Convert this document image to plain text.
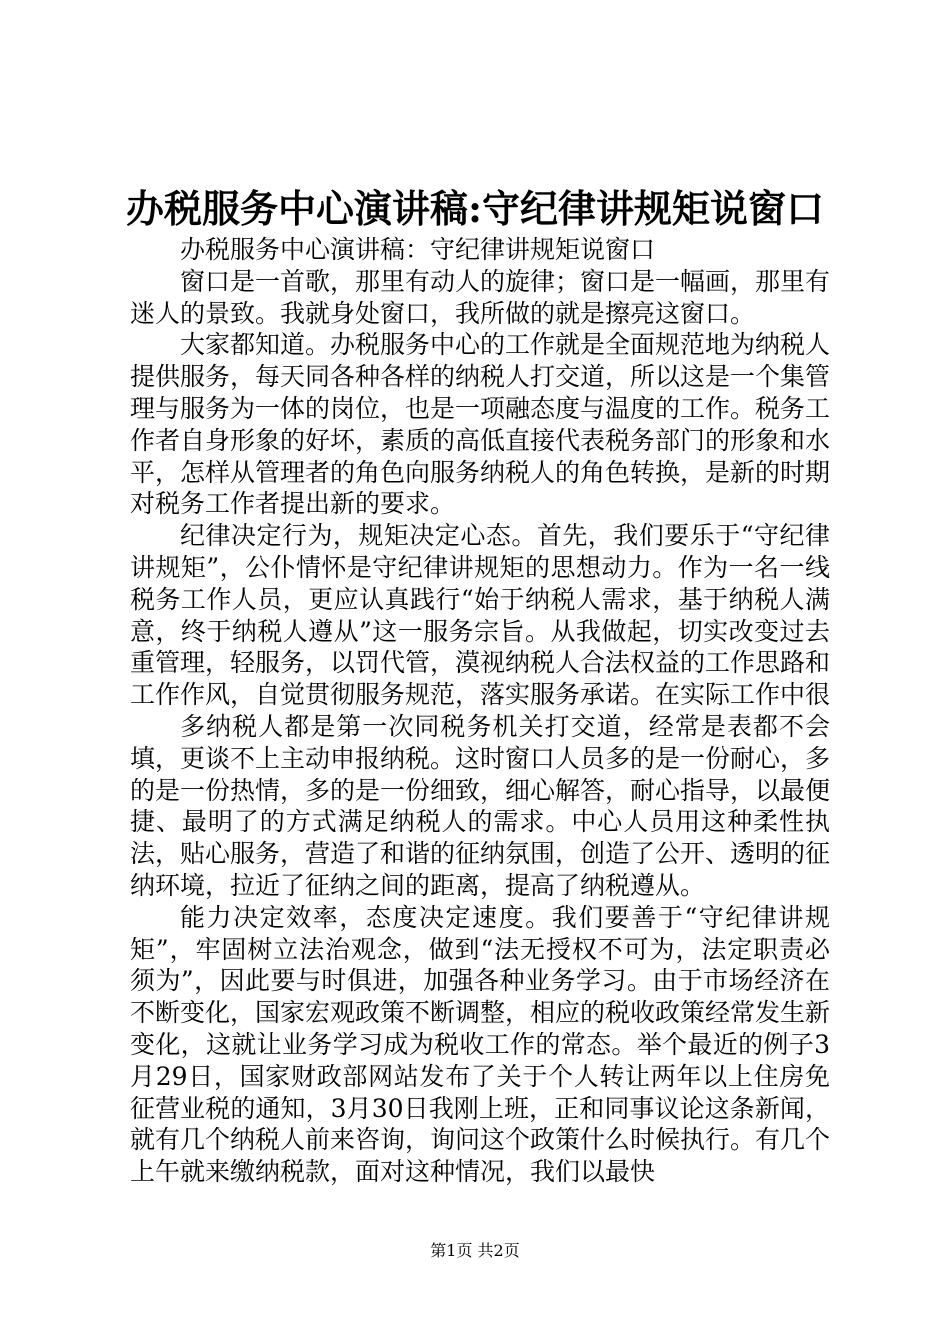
办税服务中心演讲稿:守纪律讲规矩说窗口

办税服务中心演讲稿：守纪律讲规矩说窗口

窗口是一首歌，那里有动人的旋律；窗口是一幅画，那里有迷人的景致。我就身处窗口，我所做的就是擦亮这窗口。

大家都知道。办税服务中心的工作就是全面规范地为纳税人提供服务，每天同各种各样的纳税人打交道，所以这是一个集管理与服务为一体的岗位，也是一项融态度与温度的工作。税务工作者自身形象的好坏，素质的高低直接代表税务部门的形象和水平，怎样从管理者的角色向服务纳税人的角色转换，是新的时期对税务工作者提出新的要求。

纪律决定行为，规矩决定心态。首先，我们要乐于“守纪律讲规矩”，公仆情怀是守纪律讲规矩的思想动力。作为一名一线税务工作人员，更应认真践行“始于纳税人需求，基于纳税人满意，终于纳税人遵从”这一服务宗旨。从我做起，切实改变过去重管理，轻服务，以罚代管，漠视纳税人合法权益的工作思路和工作作风，自觉贯彻服务规范，落实服务承诺。在实际工作中很

多纳税人都是第一次同税务机关打交道，经常是表都不会填，更谈不上主动申报纳税。这时窗口人员多的是一份耐心，多的是一份热情，多的是一份细致，细心解答，耐心指导，以最便捷、最明了的方式满足纳税人的需求。中心人员用这种柔性执法，贴心服务，营造了和谐的征纳氛围，创造了公开、透明的征纳环境，拉近了征纳之间的距离，提高了纳税遵从。

能力决定效率，态度决定速度。我们要善于“守纪律讲规矩”，牢固树立法治观念，做到“法无授权不可为，法定职责必须为”，因此要与时俱进，加强各种业务学习。由于市场经济在不断变化，国家宏观政策不断调整，相应的税收政策经常发生新变化，这就让业务学习成为税收工作的常态。举个最近的例子3月29日，国家财政部网站发布了关于个人转让两年以上住房免征营业税的通知，3月30日我刚上班，正和同事议论这条新闻，就有几个纳税人前来咨询，询问这个政策什么时候执行。有几个上午就来缴纳税款，面对这种情况，我们以最快

第1页 共2页
